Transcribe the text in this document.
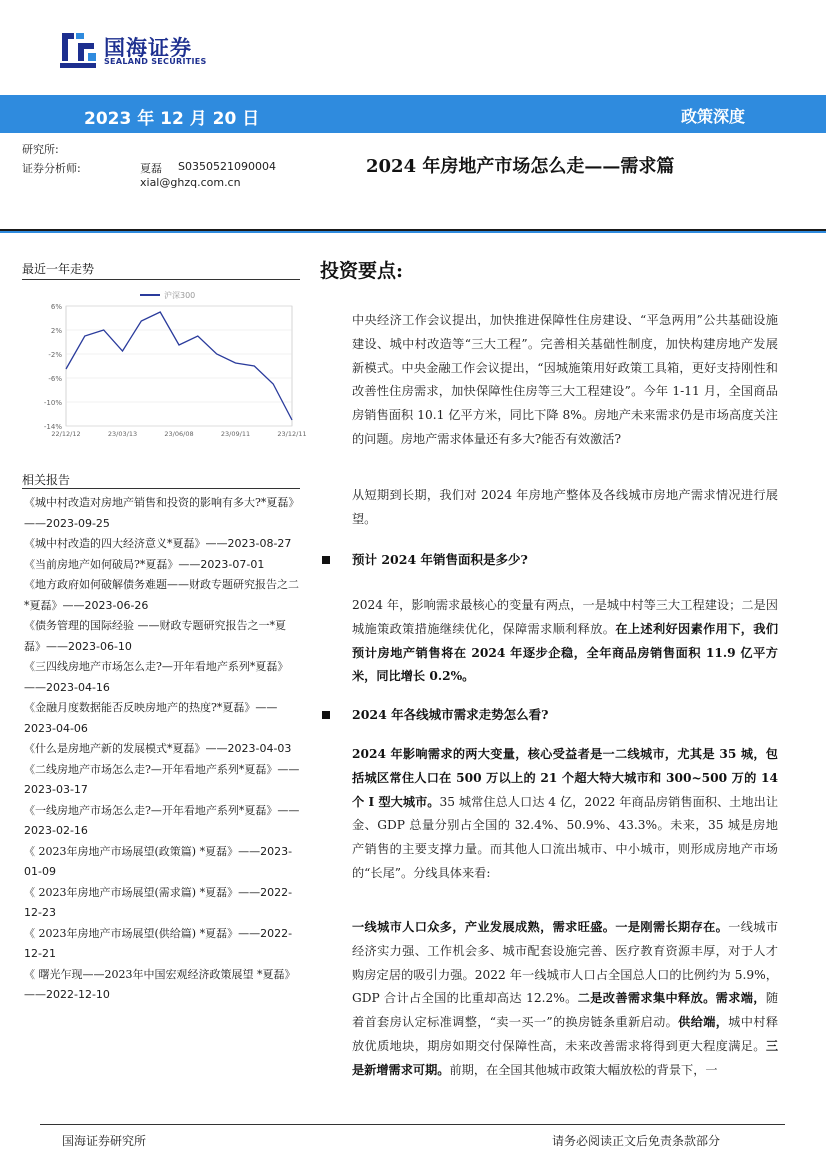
国海证券
SEALAND SECURITIES
2023 年 12 月 20 日	政策深度
研究所:
证券分析师:	夏磊 S0350521090004
xial@ghzq.com.cn
2024 年房地产市场怎么走——需求篇
最近一年走势
6%
2%
-2%
-6%
-10%
-14%
22/12/12	23/03/13	23/06/08	23/09/11	23/12/11
沪深300
相关报告
《城中村改造对房地产销售和投资的影响有多大?*夏磊》——2023-09-25
《城中村改造的四大经济意义*夏磊》——2023-08-27
《当前房地产如何破局?*夏磊》——2023-07-01
《地方政府如何破解债务难题——财政专题研究报告之二*夏磊》——2023-06-26
《债务管理的国际经验 ——财政专题研究报告之一*夏磊》——2023-06-10
《三四线房地产市场怎么走?—开年看地产系列*夏磊》——2023-04-16
《金融月度数据能否反映房地产的热度?*夏磊》——2023-04-06
《什么是房地产新的发展模式*夏磊》——2023-04-03
《二线房地产市场怎么走?—开年看地产系列*夏磊》——2023-03-17
《一线房地产市场怎么走?—开年看地产系列*夏磊》——2023-02-16
《 2023年房地产市场展望(政策篇) *夏磊》——2023-01-09
《 2023年房地产市场展望(需求篇) *夏磊》——2022-12-23
《 2023年房地产市场展望(供给篇) *夏磊》——2022-12-21
《 曙光乍现——2023年中国宏观经济政策展望 *夏磊》——2022-12-10
投资要点:
中央经济工作会议提出，加快推进保障性住房建设、“平急两用”公共基础设施建设、城中村改造等“三大工程”。完善相关基础性制度，加快构建房地产发展新模式。中央金融工作会议提出，“因城施策用好政策工具箱，更好支持刚性和改善性住房需求，加快保障性住房等三大工程建设”。今年 1-11 月，全国商品房销售面积 10.1 亿平方米，同比下降 8%。房地产未来需求仍是市场高度关注的问题。房地产需求体量还有多大?能否有效激活?
从短期到长期，我们对 2024 年房地产整体及各线城市房地产需求情况进行展望。
预计 2024 年销售面积是多少?
2024 年，影响需求最核心的变量有两点，一是城中村等三大工程建设；二是因城施策政策措施继续优化，保障需求顺利释放。在上述利好因素作用下，我们预计房地产销售将在 2024 年逐步企稳，全年商品房销售面积 11.9 亿平方米，同比增长 0.2%。
2024 年各线城市需求走势怎么看?
2024 年影响需求的两大变量，核心受益者是一二线城市，尤其是 35 城，包括城区常住人口在 500 万以上的 21 个超大特大城市和 300~500 万的 14 个 I 型大城市。35 城常住总人口达 4 亿，2022 年商品房销售面积、土地出让金、GDP 总量分别占全国的 32.4%、50.9%、43.3%。未来，35 城是房地产销售的主要支撑力量。而其他人口流出城市、中小城市，则形成房地产市场的“长尾”。分线具体来看:
一线城市人口众多，产业发展成熟，需求旺盛。一是刚需长期存在。一线城市经济实力强、工作机会多、城市配套设施完善、医疗教育资源丰厚，对于人才购房定居的吸引力强。2022 年一线城市人口占全国总人口的比例约为 5.9%，GDP 合计占全国的比重却高达 12.2%。二是改善需求集中释放。需求端，随着首套房认定标准调整，“卖一买一”的换房链条重新启动。供给端，城中村释放优质地块，期房如期交付保障性高，未来改善需求将得到更大程度满足。三是新增需求可期。前期，在全国其他城市政策大幅放松的背景下，一
国海证券研究所	请务必阅读正文后免责条款部分
